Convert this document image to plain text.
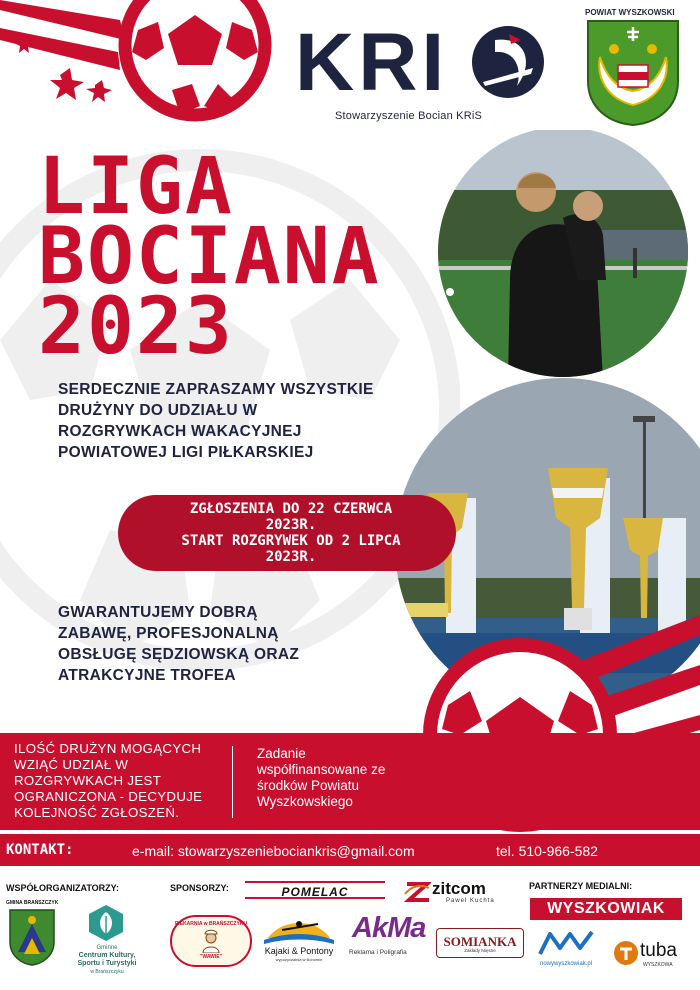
KRI
Stowarzyszenie Bocian KRiS
POWIAT WYSZKOWSKI
LIGA
BOCIANA
2023
SERDECZNIE ZAPRASZAMY WSZYSTKIE
DRUŻYNY DO UDZIAŁU W
ROZGRYWKACH WAKACYJNEJ
POWIATOWEJ LIGI PIŁKARSKIEJ
ZGŁOSZENIA DO 22 CZERWCA
2023R.
START ROZGRYWEK OD 2 LIPCA
2023R.
GWARANTUJEMY DOBRĄ
ZABAWĘ, PROFESJONALNĄ
OBSŁUGĘ SĘDZIOWSKĄ ORAZ
ATRAKCYJNE TROFEA
ILOŚĆ DRUŻYN MOGĄCYCH
WZIĄĆ UDZIAŁ W
ROZGRYWKACH JEST
OGRANICZONA - DECYDUJE
KOLEJNOŚĆ ZGŁOSZEŃ.
Zadanie
współfinansowane ze
środków Powiatu
Wyszkowskiego
KONTAKT:	e-mail: stowarzyszeniebociankris@gmail.com	tel. 510-966-582
WSPÓŁORGANIZATORZY:	SPONSORZY:	PARTNERZY MEDIALNI:
GMINA BRAŃSZCZYK
Gminne
Centrum Kultury,
Sportu i Turystyki
w Brańszczyku
POMELAC	zitcom
Paweł Kuchta	WYSZKOWIAK
PIEKARNIA w BRAŃSZCZYKU
"WAWIE"
Kajaki & Pontony
wypożyczalnia w Bonomie
AkMa
Reklama i Poligrafia
SOMIANKA
Zakłady Mięsne
nowywyszkowiak.pl
tuba
WYSZKOWA
